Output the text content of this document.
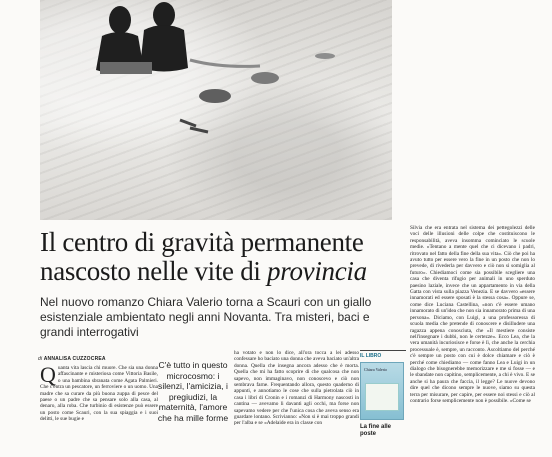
Il centro di gravità permanente
nascosto nelle vite di provincia
Nel nuovo romanzo Chiara Valerio torna a Scauri con un giallo esistenziale ambientato negli anni Novanta. Tra misteri, baci e grandi interrogativi
di ANNALISA CUZZOCREA
Quanta vita lascia chi muore. Che sia una donna affascinante e misteriosa come Vittoria Basile, o una bambina sbranata come Agata Palmieri. Che c'entra un pescatore, un ferroviere o un uomo. Una madre che sa curare da più buona zuppa di pesce del paese o un padre che sa pensare solo alla casa, al denaro, alla roba. Che turbinio di esistenze può essere un posto come Scauri, con la sua spiaggia e i suoi delitti, le sue bugie e
C'è tutto in questo microcosmo: i silenzi, l'amicizia, i pregiudizi, la maternità, l'amore che ha mille forme
ha votato e non lo dice, all'ora tocca a lei adesso confessare ho baciato una donna che aveva baciato un'altra donna. Quella che insegna ancora adesso che è morta. Quella che mi ha fatto scoprire di che qualcosa che non sapevo, non immaginavo, non conoscevo e ciò non sembrava farne. Frequentando allora, questo quaderno di appunti, e annotiamo le cose che sulla pietrolata ciò in casa i libri di Cronin e i romanzi di Harmony nascosti in cantina — avevamo li davanti agli occhi, ma forse non sapevamo vedere per che l'unica cosa che aveva senso era guardare lontano. Scrivianno: «Non si è mai troppo grandi per l'alba e se «Adelaide era in classe con
IL LIBRO
Chiara Valerio
La fine alle poste
Silvia che era entrata nel sistema dei pettegolezzi delle voci delle illusioni delle colpe che costituiscono le responsabilità, aveva insomma cominciato le scuole medie. «Tentano a mente quel che ci dicevano i padri, ritrovato nel fatto della fine della sua vita». Ciò che poi ha avuto tutto per essere vero la fine in un posto che non lo prevede, di rivederla per davvero e ciò non si somiglia al futuro». Chiediamoci come sia possibile scegliere una casa che diventa rifugio per animali in uno sperduto paesino laziale, invece che un appartamento in via della Gatta con vista sulla piazza Venezia. E se davvero «essere innamorati ed essere sposati è la stessa cosa». Oppure se, come dice Luciana Castellina, «non c'è essere umano innamorato di un'idea che non sia innamorato prima di una persona». Diciamo, con Luigi, a una professoressa di scuola media che pretende di conoscere e disilludere una ragazza appena conosciuta, che «Il mestiere consiste nell'insegnare i dubbi, non le certezze». Ecco Lea, che la vera umanità incuriosisce e forse è lì, che anche la cerchia processuale è, sempre, un racconto. Ascoltiamo del perché c'è sempre un posto con cui è dolce chiamare e ciò è perché come chiediamo — come fanno Lea e Luigi in un dialogo che bisognerebbe memorizzare e me si fosse — e le sbandate non capitino, semplicemente, a chi è vivo. E se anche si ha paura che faccia, il legge? Le nuove devono dire quel che dicono sempre le nuove, siamo su questa terra per misurare, per capire, per essere noi stessi e ciò al contrario forse semplicemente non è possibile. «Come se
